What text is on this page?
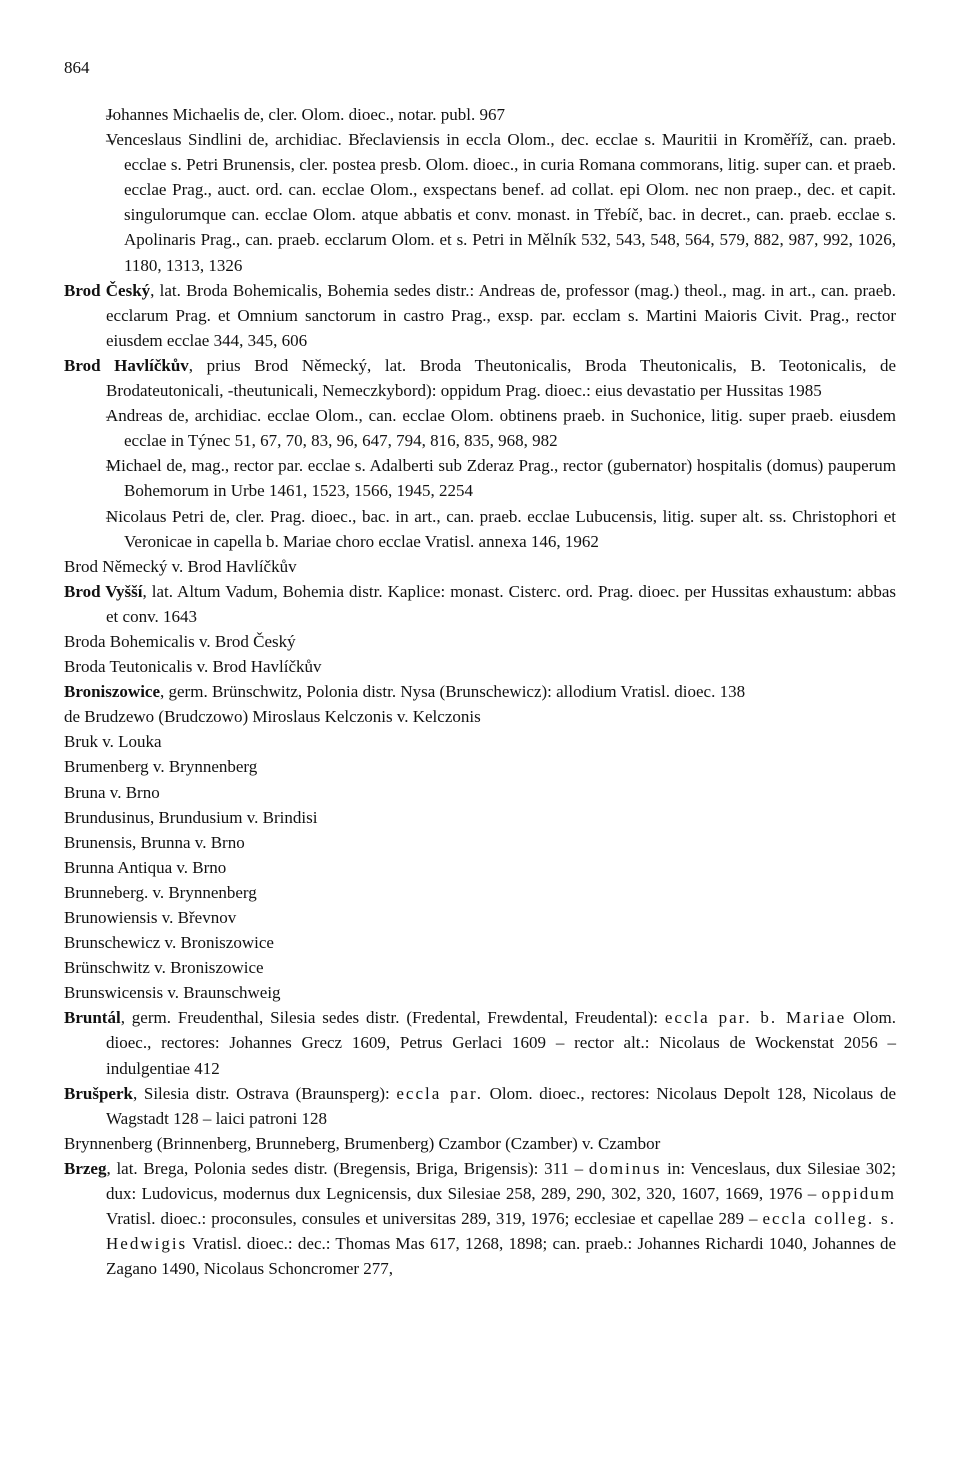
864

– Johannes Michaelis de, cler. Olom. dioec., notar. publ. 967

– Venceslaus Sindlini de, archidiac. Břeclaviensis in eccla Olom., dec. ecclae s. Mauritii in Kroměříž, can. praeb. ecclae s. Petri Brunensis, cler. postea presb. Olom. dioec., in curia Romana commorans, litig. super can. et praeb. ecclae Prag., auct. ord. can. ecclae Olom., exspectans benef. ad collat. epi Olom. nec non praep., dec. et capit. singulorumque can. ecclae Olom. atque abbatis et conv. monast. in Třebíč, bac. in decret., can. praeb. ecclae s. Apolinaris Prag., can. praeb. ecclarum Olom. et s. Petri in Mělník 532, 543, 548, 564, 579, 882, 987, 992, 1026, 1180, 1313, 1326

Brod Český, lat. Broda Bohemicalis, Bohemia sedes distr.: Andreas de, professor (mag.) theol., mag. in art., can. praeb. ecclarum Prag. et Omnium sanctorum in castro Prag., exsp. par. ecclam s. Martini Maioris Civit. Prag., rector eiusdem ecclae 344, 345, 606

Brod Havlíčkův, prius Brod Německý, lat. Broda Theutonicalis, Broda Theutonicalis, B. Teotonicalis, de Brodateutonicali, -theutunicali, Nemeczkybord): oppidum Prag. dioec.: eius devastatio per Hussitas 1985

– Andreas de, archidiac. ecclae Olom., can. ecclae Olom. obtinens praeb. in Suchonice, litig. super praeb. eiusdem ecclae in Týnec 51, 67, 70, 83, 96, 647, 794, 816, 835, 968, 982

– Michael de, mag., rector par. ecclae s. Adalberti sub Zderaz Prag., rector (gubernator) hospitalis (domus) pauperum Bohemorum in Urbe 1461, 1523, 1566, 1945, 2254

– Nicolaus Petri de, cler. Prag. dioec., bac. in art., can. praeb. ecclae Lubucensis, litig. super alt. ss. Christophori et Veronicae in capella b. Mariae choro ecclae Vratisl. annexa 146, 1962

Brod Německý v. Brod Havlíčkův

Brod Vyšší, lat. Altum Vadum, Bohemia distr. Kaplice: monast. Cisterc. ord. Prag. dioec. per Hussitas exhaustum: abbas et conv. 1643

Broda Bohemicalis v. Brod Český

Broda Teutonicalis v. Brod Havlíčkův

Broniszowice, germ. Brünschwitz, Polonia distr. Nysa (Brunschewicz): allodium Vratisl. dioec. 138

de Brudzewo (Brudczowo) Miroslaus Kelczonis v. Kelczonis

Bruk v. Louka

Brumenberg v. Brynnenberg

Bruna v. Brno

Brundusinus, Brundusium v. Brindisi

Brunensis, Brunna v. Brno

Brunna Antiqua v. Brno

Brunneberg. v. Brynnenberg

Brunowiensis v. Břevnov

Brunschewicz v. Broniszowice

Brünschwitz v. Broniszowice

Brunswicensis v. Braunschweig

Bruntál, germ. Freudenthal, Silesia sedes distr. (Fredental, Frewdental, Freudental): eccla par. b. Mariae Olom. dioec., rectores: Johannes Grecz 1609, Petrus Gerlaci 1609 – rector alt.: Nicolaus de Wockenstat 2056 – indulgentiae 412

Brušperk, Silesia distr. Ostrava (Braunsperg): eccla par. Olom. dioec., rectores: Nicolaus Depolt 128, Nicolaus de Wagstadt 128 – laici patroni 128

Brynnenberg (Brinnenberg, Brunneberg, Brumenberg) Czambor (Czamber) v. Czambor

Brzeg, lat. Brega, Polonia sedes distr. (Bregensis, Briga, Brigensis): 311 – dominus in: Venceslaus, dux Silesiae 302; dux: Ludovicus, modernus dux Legnicensis, dux Silesiae 258, 289, 290, 302, 320, 1607, 1669, 1976 – oppidum Vratisl. dioec.: proconsules, consules et universitas 289, 319, 1976; ecclesiae et capellae 289 – eccla colleg. s. Hedwigis Vratisl. dioec.: dec.: Thomas Mas 617, 1268, 1898; can. praeb.: Johannes Richardi 1040, Johannes de Zagano 1490, Nicolaus Schoncromer 277,
